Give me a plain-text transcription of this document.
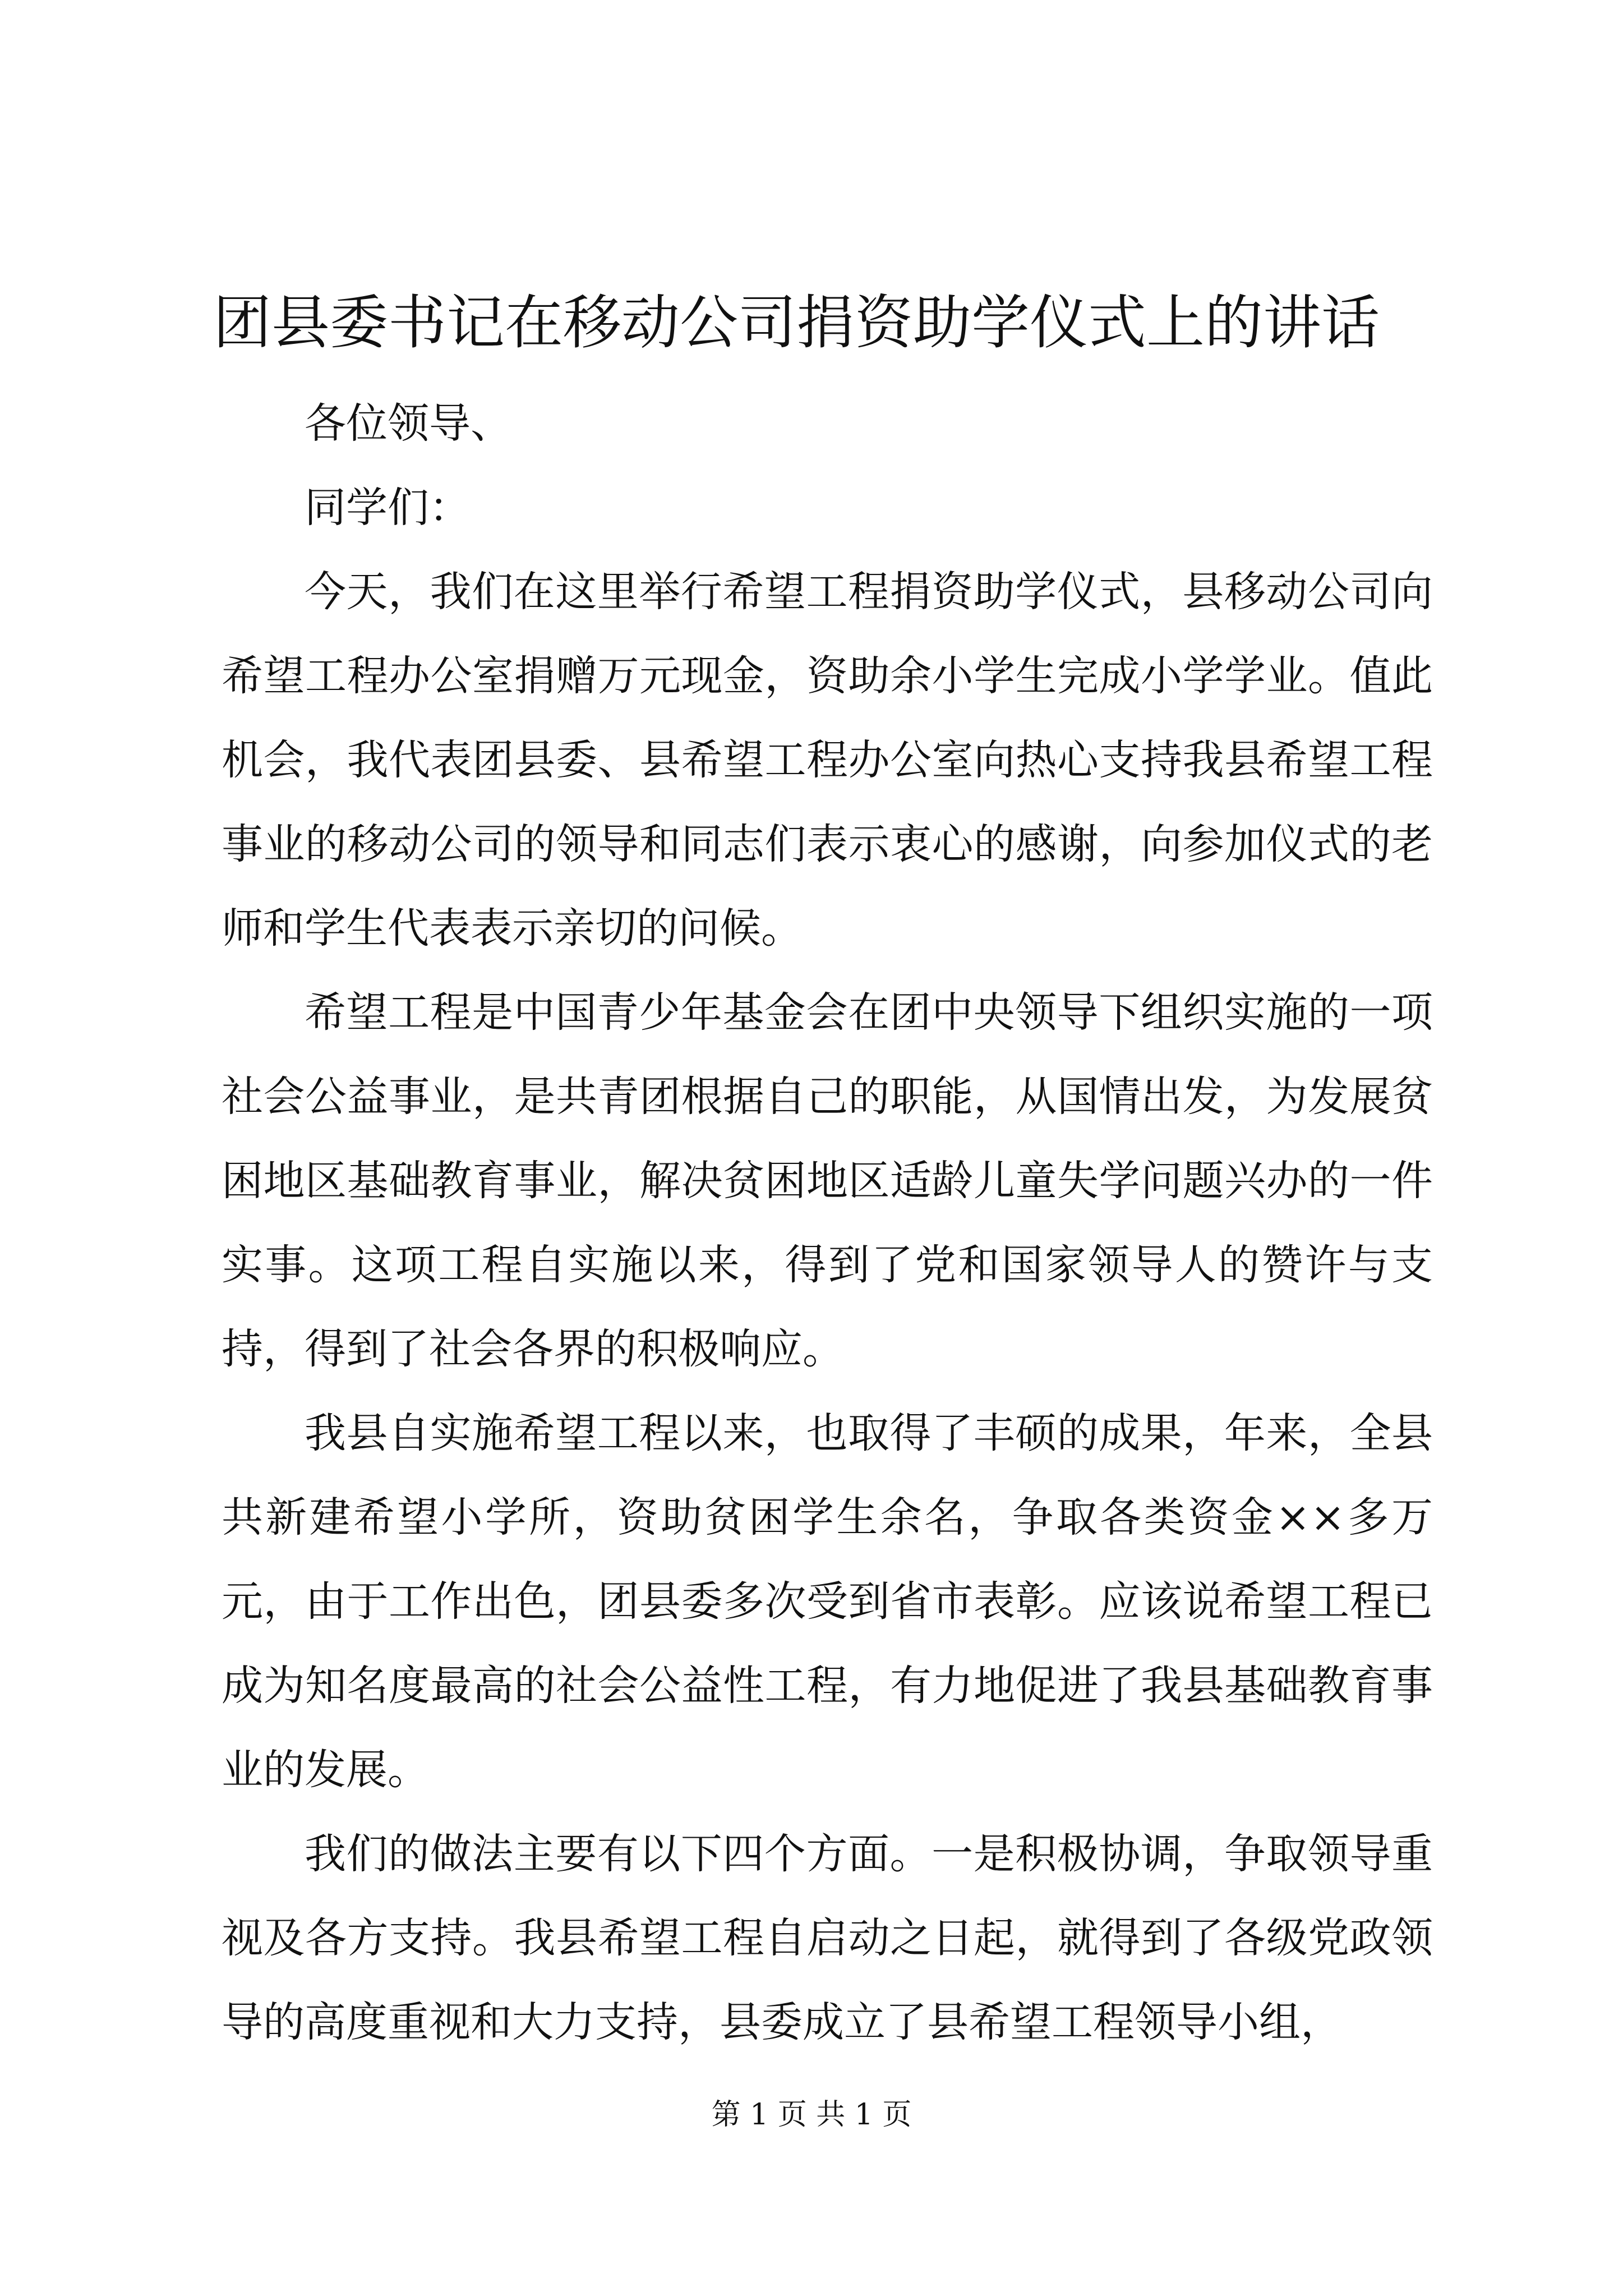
团县委书记在移动公司捐资助学仪式上的讲话

各位领导、

同学们：

今天，我们在这里举行希望工程捐资助学仪式，县移动公司向希望工程办公室捐赠万元现金，资助余小学生完成小学学业。值此机会，我代表团县委、县希望工程办公室向热心支持我县希望工程事业的移动公司的领导和同志们表示衷心的感谢，向参加仪式的老师和学生代表表示亲切的问候。

希望工程是中国青少年基金会在团中央领导下组织实施的一项社会公益事业，是共青团根据自己的职能，从国情出发，为发展贫困地区基础教育事业，解决贫困地区适龄儿童失学问题兴办的一件实事。这项工程自实施以来，得到了党和国家领导人的赞许与支持，得到了社会各界的积极响应。

我县自实施希望工程以来，也取得了丰硕的成果，年来，全县共新建希望小学所，资助贫困学生余名，争取各类资金××多万元，由于工作出色，团县委多次受到省市表彰。应该说希望工程已成为知名度最高的社会公益性工程，有力地促进了我县基础教育事业的发展。

我们的做法主要有以下四个方面。一是积极协调，争取领导重视及各方支持。我县希望工程自启动之日起，就得到了各级党政领导的高度重视和大力支持，县委成立了县希望工程领导小组，

第 1 页 共 1 页
